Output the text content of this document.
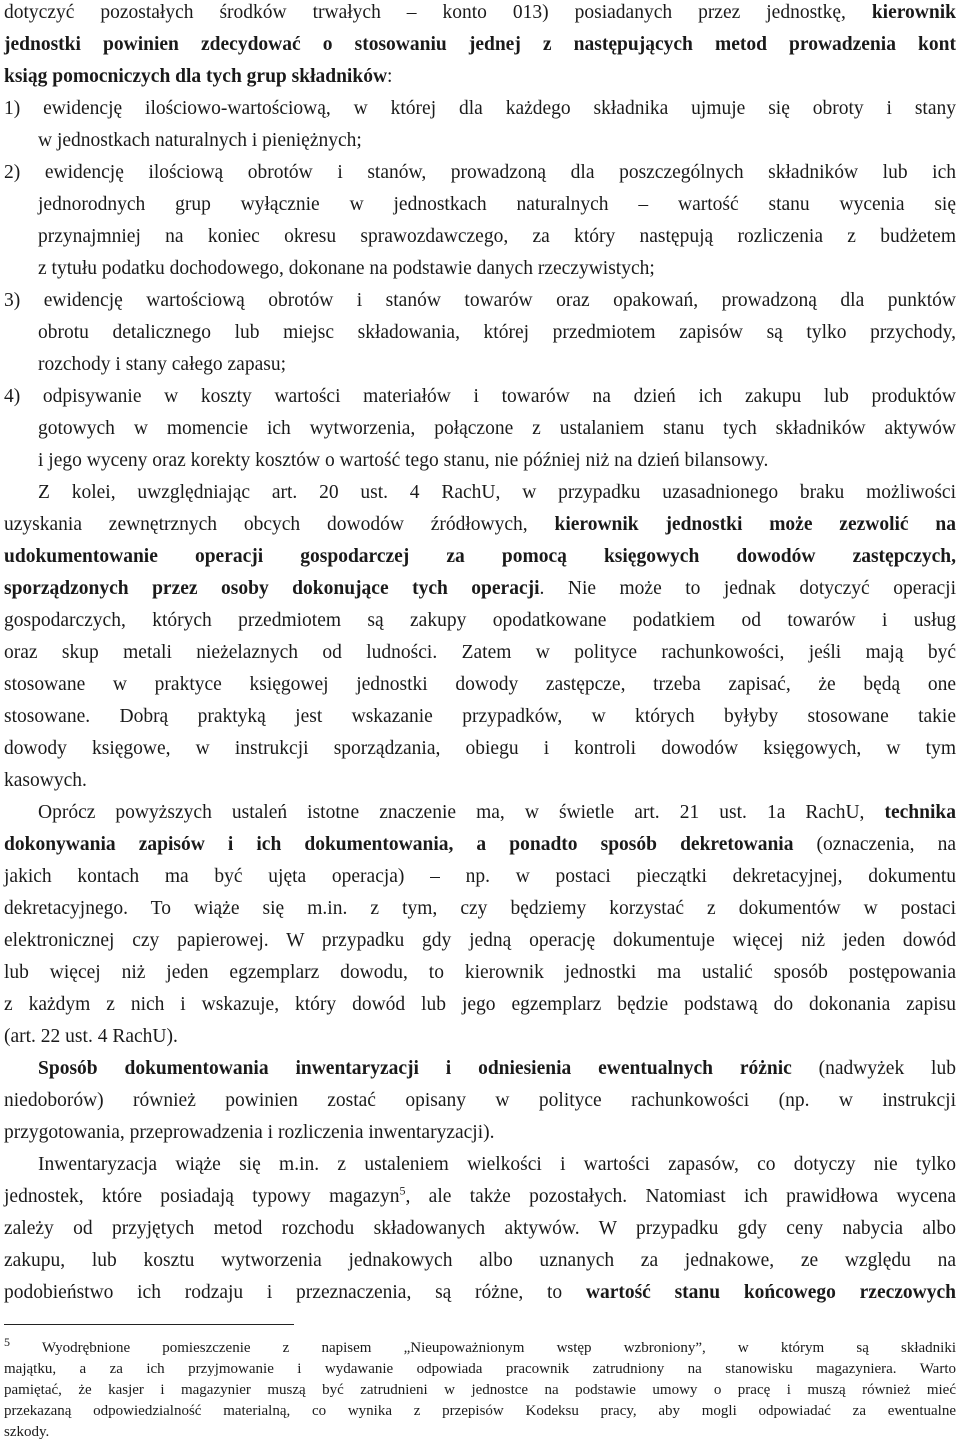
dotyczyć pozostałych środków trwałych – konto 013) posiadanych przez jednostkę, kierownik
jednostki powinien zdecydować o stosowaniu jednej z następujących metod prowadzenia kont
ksiąg pomocniczych dla tych grup składników:
1) ewidencję ilościowo-wartościową, w której dla każdego składnika ujmuje się obroty i stany
w jednostkach naturalnych i pieniężnych;
2) ewidencję ilościową obrotów i stanów, prowadzoną dla poszczególnych składników lub ich
jednorodnych grup wyłącznie w jednostkach naturalnych – wartość stanu wycenia się
przynajmniej na koniec okresu sprawozdawczego, za który następują rozliczenia z budżetem
z tytułu podatku dochodowego, dokonane na podstawie danych rzeczywistych;
3) ewidencję wartościową obrotów i stanów towarów oraz opakowań, prowadzoną dla punktów
obrotu detalicznego lub miejsc składowania, której przedmiotem zapisów są tylko przychody,
rozchody i stany całego zapasu;
4) odpisywanie w koszty wartości materiałów i towarów na dzień ich zakupu lub produktów
gotowych w momencie ich wytworzenia, połączone z ustalaniem stanu tych składników aktywów
i jego wyceny oraz korekty kosztów o wartość tego stanu, nie później niż na dzień bilansowy.
Z kolei, uwzględniając art. 20 ust. 4 RachU, w przypadku uzasadnionego braku możliwości
uzyskania zewnętrznych obcych dowodów źródłowych, kierownik jednostki może zezwolić na
udokumentowanie operacji gospodarczej za pomocą księgowych dowodów zastępczych,
sporządzonych przez osoby dokonujące tych operacji. Nie może to jednak dotyczyć operacji
gospodarczych, których przedmiotem są zakupy opodatkowane podatkiem od towarów i usług
oraz skup metali nieżelaznych od ludności. Zatem w polityce rachunkowości, jeśli mają być
stosowane w praktyce księgowej jednostki dowody zastępcze, trzeba zapisać, że będą one
stosowane. Dobrą praktyką jest wskazanie przypadków, w których byłyby stosowane takie
dowody księgowe, w instrukcji sporządzania, obiegu i kontroli dowodów księgowych, w tym
kasowych.
Oprócz powyższych ustaleń istotne znaczenie ma, w świetle art. 21 ust. 1a RachU, technika
dokonywania zapisów i ich dokumentowania, a ponadto sposób dekretowania (oznaczenia, na
jakich kontach ma być ujęta operacja) – np. w postaci pieczątki dekretacyjnej, dokumentu
dekretacyjnego. To wiąże się m.in. z tym, czy będziemy korzystać z dokumentów w postaci
elektronicznej czy papierowej. W przypadku gdy jedną operację dokumentuje więcej niż jeden dowód
lub więcej niż jeden egzemplarz dowodu, to kierownik jednostki ma ustalić sposób postępowania
z każdym z nich i wskazuje, który dowód lub jego egzemplarz będzie podstawą do dokonania zapisu
(art. 22 ust. 4 RachU).
Sposób dokumentowania inwentaryzacji i odniesienia ewentualnych różnic (nadwyżek lub
niedoborów) również powinien zostać opisany w polityce rachunkowości (np. w instrukcji
przygotowania, przeprowadzenia i rozliczenia inwentaryzacji).
Inwentaryzacja wiąże się m.in. z ustaleniem wielkości i wartości zapasów, co dotyczy nie tylko
jednostek, które posiadają typowy magazyn$^5$, ale także pozostałych. Natomiast ich prawidłowa wycena
zależy od przyjętych metod rozchodu składowanych aktywów. W przypadku gdy ceny nabycia albo
zakupu, lub kosztu wytworzenia jednakowych albo uznanych za jednakowe, ze względu na
podobieństwo ich rodzaju i przeznaczenia, są różne, to wartość stanu końcowego rzeczowych
$^5$ Wyodrębnione pomieszczenie z napisem „Nieupoważnionym wstęp wzbroniony”, w którym są składniki
majątku, a za ich przyjmowanie i wydawanie odpowiada pracownik zatrudniony na stanowisku magazyniera. Warto
pamiętać, że kasjer i magazynier muszą być zatrudnieni w jednostce na podstawie umowy o pracę i muszą również mieć
przekazaną odpowiedzialność materialną, co wynika z przepisów Kodeksu pracy, aby mogli odpowiadać za ewentualne
szkody.
